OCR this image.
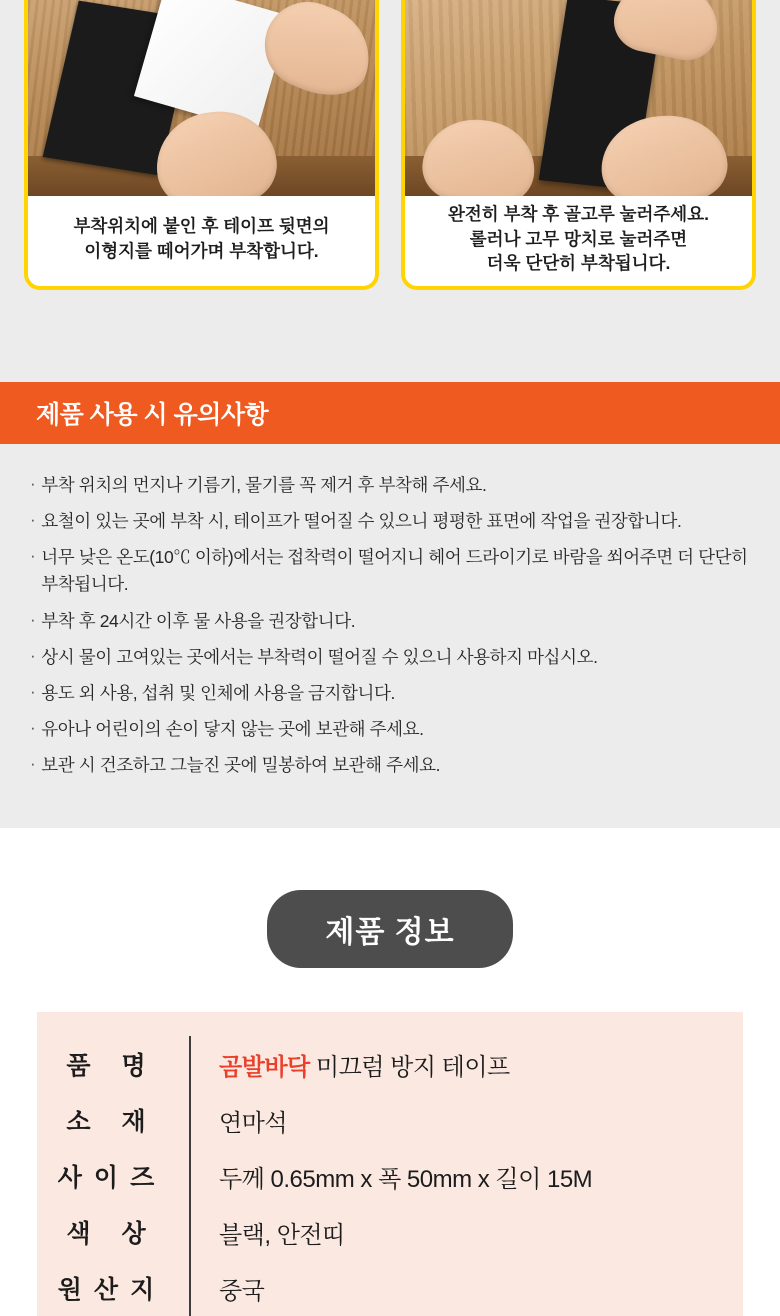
부착위치에 붙인 후 테이프 뒷면의
이형지를 떼어가며 부착합니다.
완전히 부착 후 골고루 눌러주세요.
롤러나 고무 망치로 눌러주면
더욱 단단히 부착됩니다.
제품 사용 시 유의사항
· 부착 위치의 먼지나 기름기, 물기를 꼭 제거 후 부착해 주세요.
· 요철이 있는 곳에 부착 시, 테이프가 떨어질 수 있으니 평평한 표면에 작업을 권장합니다.
· 너무 낮은 온도(10℃ 이하)에서는 접착력이 떨어지니 헤어 드라이기로 바람을 쐬어주면 더 단단히 부착됩니다.
· 부착 후 24시간 이후 물 사용을 권장합니다.
· 상시 물이 고여있는 곳에서는 부착력이 떨어질 수 있으니 사용하지 마십시오.
· 용도 외 사용, 섭취 및 인체에 사용을 금지합니다.
· 유아나 어린이의 손이 닿지 않는 곳에 보관해 주세요.
· 보관 시 건조하고 그늘진 곳에 밀봉하여 보관해 주세요.
제품 정보
품 명	곰발바닥 미끄럼 방지 테이프
소 재	연마석
사이즈	두께 0.65mm x 폭 50mm x 길이 15M
색 상	블랙, 안전띠
원산지	중국
